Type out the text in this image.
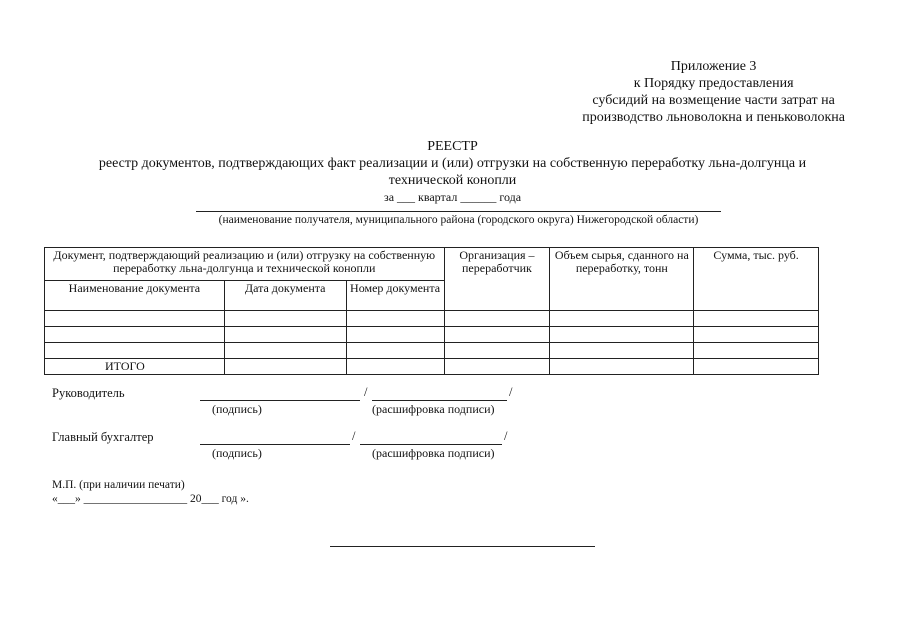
Приложение 3
к Порядку предоставления
субсидий на возмещение части затрат на
производство льноволокна и пеньковолокна
РЕЕСТР
реестр документов, подтверждающих факт реализации и (или) отгрузки на собственную переработку льна-долгунца и
технической конопли
за ___ квартал ______ года
(наименование получателя, муниципального района (городского округа) Нижегородской области)
Документ, подтверждающий реализацию и (или) отгрузку на собственную переработку льна-долгунца и технической конопли			Организация – переработчик	Объем сырья, сданного на переработку, тонн	Сумма, тыс. руб.
Наименование документа	Дата документа	Номер документа			

ИТОГО					
Руководитель	/	/
(подпись)	(расшифровка подписи)
Главный бухгалтер	/	/
(подпись)	(расшифровка подписи)
М.П. (при наличии печати)
«___» __________________ 20___ год ».
